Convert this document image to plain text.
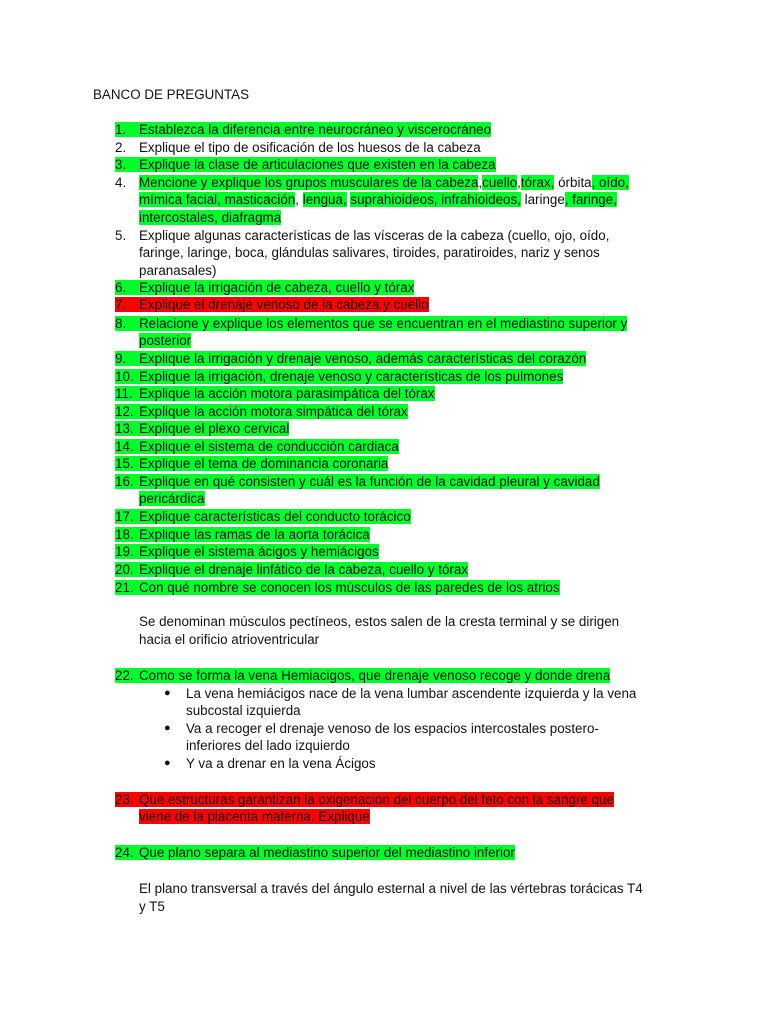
BANCO DE PREGUNTAS
1. Establezca la diferencia entre neurocráneo y viscerocráneo
2. Explique el tipo de osificación de los huesos de la cabeza
3. Explique la clase de articulaciones que existen en la cabeza
4. Mencione y explique los grupos musculares de la cabeza,cuello,tórax, órbita, oído,
mímica facial, masticación, lengua, suprahioideos, infrahioideos, laringe, faringe,
intercostales, diafragma
5. Explique algunas características de las vísceras de la cabeza (cuello, ojo, oído,
faringe, laringe, boca, glándulas salivares, tiroides, paratiroides, nariz y senos
paranasales)
6. Explique la irrigación de cabeza, cuello y tórax
7. Explique el drenaje venoso de la cabeza y cuello
8. Relacione y explique los elementos que se encuentran en el mediastino superior y
posterior
9. Explique la irrigación y drenaje venoso, además características del corazón
10. Explique la irrigación, drenaje venoso y características de los pulmones
11. Explique la acción motora parasimpática del tórax
12. Explique la acción motora simpática del tórax
13. Explique el plexo cervical
14. Explique el sistema de conducción cardiaca
15. Explique el tema de dominancia coronaria
16. Explique en qué consisten y cuál es la función de la cavidad pleural y cavidad
pericárdica
17. Explique características del conducto torácico
18. Explique las ramas de la aorta torácica
19. Explique el sistema ácigos y hemiácigos
20. Explique el drenaje linfático de la cabeza, cuello y tórax
21. Con qué nombre se conocen los músculos de las paredes de los atrios
Se denominan músculos pectíneos, estos salen de la cresta terminal y se dirigen
hacia el orificio atrioventricular
22. Como se forma la vena Hemiacigos, que drenaje venoso recoge y donde drena
●	La vena hemiácigos nace de la vena lumbar ascendente izquierda y la vena
subcostal izquierda
●	Va a recoger el drenaje venoso de los espacios intercostales postero-
inferiores del lado izquierdo
●	Y va a drenar en la vena Ácigos
23. Que estructuras garantizan la oxigenación del cuerpo del feto con la sangre que
viene de la placenta materna. Explique
24. Que plano separa al mediastino superior del mediastino inferior
El plano transversal a través del ángulo esternal a nivel de las vértebras torácicas T4
y T5
